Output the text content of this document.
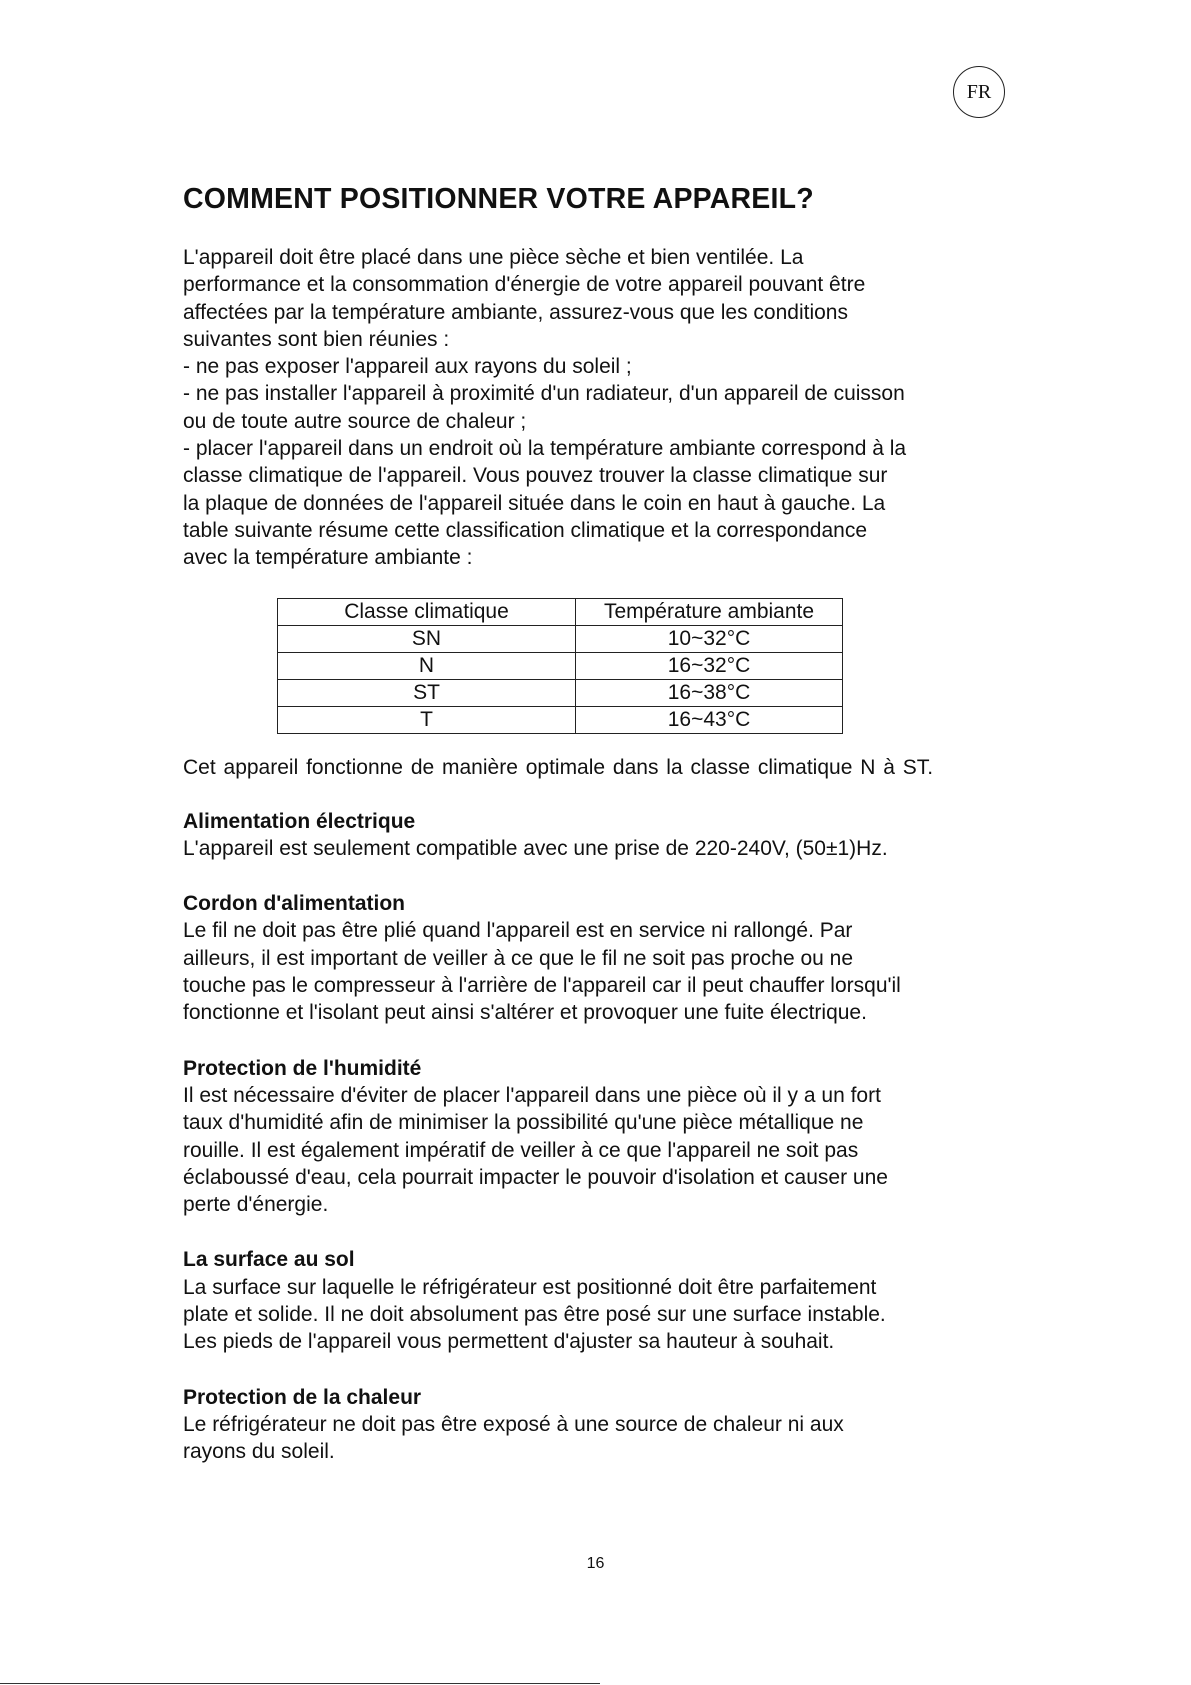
FR
COMMENT POSITIONNER VOTRE APPAREIL?

L'appareil doit être placé dans une pièce sèche et bien ventilée. La
performance et la consommation d'énergie de votre appareil pouvant être
affectées par la température ambiante, assurez-vous que les conditions
suivantes sont bien réunies :
- ne pas exposer l'appareil aux rayons du soleil ;
- ne pas installer l'appareil à proximité d'un radiateur, d'un appareil de cuisson
ou de toute autre source de chaleur ;
- placer l'appareil dans un endroit où la température ambiante correspond à la
classe climatique de l'appareil. Vous pouvez trouver la classe climatique sur
la plaque de données de l'appareil située dans le coin en haut à gauche. La
table suivante résume cette classification climatique et la correspondance
avec la température ambiante :

Classe climatique	Température ambiante
SN	10~32°C
N	16~32°C
ST	16~38°C
T	16~43°C

Cet appareil fonctionne de manière optimale dans la classe climatique N à ST.

Alimentation électrique

L'appareil est seulement compatible avec une prise de 220-240V, (50±1)Hz.

Cordon d'alimentation

Le fil ne doit pas être plié quand l'appareil est en service ni rallongé. Par
ailleurs, il est important de veiller à ce que le fil ne soit pas proche ou ne
touche pas le compresseur à l'arrière de l'appareil car il peut chauffer lorsqu'il
fonctionne et l'isolant peut ainsi s'altérer et provoquer une fuite électrique.

Protection de l'humidité

Il est nécessaire d'éviter de placer l'appareil dans une pièce où il y a un fort
taux d'humidité afin de minimiser la possibilité qu'une pièce métallique ne
rouille. Il est également impératif de veiller à ce que l'appareil ne soit pas
éclaboussé d'eau, cela pourrait impacter le pouvoir d'isolation et causer une
perte d'énergie.

La surface au sol

La surface sur laquelle le réfrigérateur est positionné doit être parfaitement
plate et solide. Il ne doit absolument pas être posé sur une surface instable.
Les pieds de l'appareil vous permettent d'ajuster sa hauteur à souhait.

Protection de la chaleur

Le réfrigérateur ne doit pas être exposé à une source de chaleur ni aux
rayons du soleil.

16
